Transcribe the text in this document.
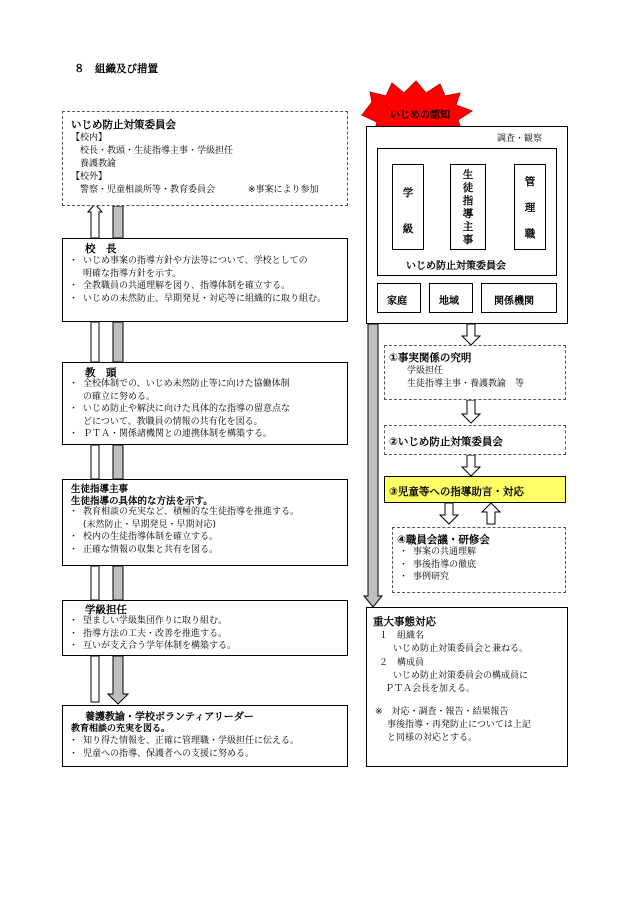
８　組織及び措置
いじめ防止対策委員会
【校内】
校長・教頭・生徒指導主事・学級担任
養護教諭
【校外】
警察・児童相談所等・教育委員会	※事案により参加
校　長
・ いじめ事案の指導方針や方法等について、学校としての
明確な指導方針を示す。
・ 全教職員の共通理解を図り、指導体制を確立する。
・ いじめの未然防止、早期発見・対応等に組織的に取り組む。
教　頭
・ 全校体制での、いじめ未然防止等に向けた協働体制
の確立に努める。
・ いじめ防止や解決に向けた具体的な指導の留意点な
どについて、教職員の情報の共有化を図る。
・ ＰＴＡ・関係諸機関との連携体制を構築する。
生徒指導主事
生徒指導の具体的な方法を示す。
・ 教育相談の充実など、積極的な生徒指導を推進する。
(未然防止・早期発見・早期対応)
・ 校内の生徒指導体制を確立する。
・ 正確な情報の収集と共有を図る。
学級担任
・ 望ましい学級集団作りに取り組む。
・ 指導方法の工夫・改善を推進する。
・ 互いが支え合う学年体制を構築する。
養護教諭・学校ボランティアリーダー
教育相談の充実を図る。
・ 知り得た情報を、正確に管理職・学級担任に伝える。
・ 児童への指導、保護者への支援に努める。
いじめの認知
調査・観察
学級
生徒指導主事
管理職
いじめ防止対策委員会
家庭	地域	関係機関
①事実関係の究明
学級担任
生徒指導主事・養護教諭　等
②いじめ防止対策委員会
③児童等への指導助言・対応
④職員会議・研修会
・ 事案の共通理解
・ 事後指導の徹底
・ 事例研究
重大事態対応
１　組織名
いじめ防止対策委員会と兼ねる。
２　構成員
いじめ防止対策委員会の構成員に
ＰＴＡ会長を加える。
※　対応・調査・報告・結果報告
事後指導・再発防止については上記
と同様の対応とする。
